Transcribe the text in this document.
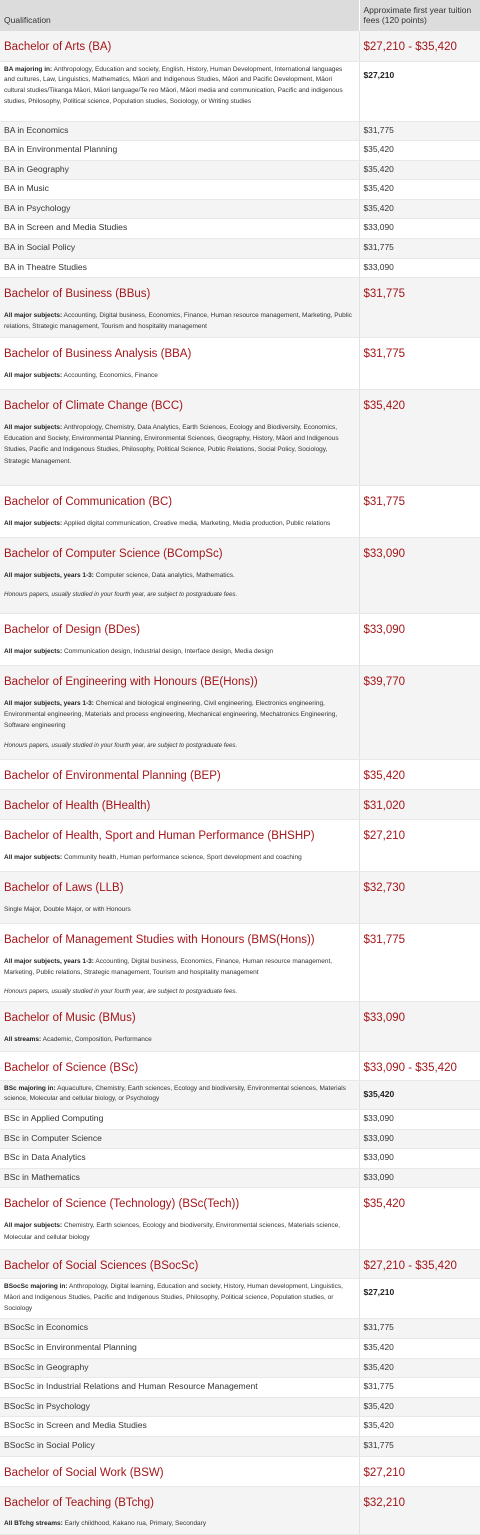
Qualification	Approximate first year tuition fees (120 points)

Bachelor of Arts (BA)	$27,210 - $35,420

BA majoring in: Anthropology, Education and society, English, History, Human Development, International languages and cultures, Law, Linguistics, Mathematics, Māori and Indigenous Studies, Māori and Pacific Development, Māori cultural studies/Tikanga Māori, Māori language/Te reo Māori, Māori media and communication, Pacific and indigenous studies, Philosophy, Political science, Population studies, Sociology, or Writing studies	$27,210
BA in Economics	$31,775
BA in Environmental Planning	$35,420
BA in Geography	$35,420
BA in Music	$35,420
BA in Psychology	$35,420
BA in Screen and Media Studies	$33,090
BA in Social Policy	$31,775
BA in Theatre Studies	$33,090

Bachelor of Business (BBus)
All major subjects: Accounting, Digital business, Economics, Finance, Human resource management, Marketing, Public relations, Strategic management, Tourism and hospitality management	$31,775

Bachelor of Business Analysis (BBA)
All major subjects: Accounting, Economics, Finance	$31,775

Bachelor of Climate Change (BCC)
All major subjects: Anthropology, Chemistry, Data Analytics, Earth Sciences, Ecology and Biodiversity, Economics, Education and Society, Environmental Planning, Environmental Sciences, Geography, History, Māori and Indigenous Studies, Pacific and Indigenous Studies, Philosophy, Political Science, Public Relations, Social Policy, Sociology, Strategic Management.	$35,420

Bachelor of Communication (BC)
All major subjects: Applied digital communication, Creative media, Marketing, Media production, Public relations	$31,775

Bachelor of Computer Science (BCompSc)
All major subjects, years 1-3: Computer science, Data analytics, Mathematics.
Honours papers, usually studied in your fourth year, are subject to postgraduate fees.	$33,090

Bachelor of Design (BDes)
All major subjects: Communication design, Industrial design, Interface design, Media design	$33,090

Bachelor of Engineering with Honours (BE(Hons))
All major subjects, years 1-3: Chemical and biological engineering, Civil engineering, Electronics engineering, Environmental engineering, Materials and process engineering, Mechanical engineering, Mechatronics Engineering, Software engineering
Honours papers, usually studied in your fourth year, are subject to postgraduate fees.	$39,770

Bachelor of Environmental Planning (BEP)	$35,420

Bachelor of Health (BHealth)	$31,020

Bachelor of Health, Sport and Human Performance (BHSHP)
All major subjects: Community health, Human performance science, Sport development and coaching	$27,210

Bachelor of Laws (LLB)
Single Major, Double Major, or with Honours	$32,730

Bachelor of Management Studies with Honours (BMS(Hons))
All major subjects, years 1-3: Accounting, Digital business, Economics, Finance, Human resource management, Marketing, Public relations, Strategic management, Tourism and hospitality management
Honours papers, usually studied in your fourth year, are subject to postgraduate fees.	$31,775

Bachelor of Music (BMus)
All streams: Academic, Composition, Performance	$33,090

Bachelor of Science (BSc)	$33,090 - $35,420

BSc majoring in: Aquaculture, Chemistry, Earth sciences, Ecology and biodiversity, Environmental sciences, Materials science, Molecular and cellular biology, or Psychology	$35,420
BSc in Applied Computing	$33,090
BSc in Computer Science	$33,090
BSc in Data Analytics	$33,090
BSc in Mathematics	$33,090

Bachelor of Science (Technology) (BSc(Tech))
All major subjects: Chemistry, Earth sciences, Ecology and biodiversity, Environmental sciences, Materials science, Molecular and cellular biology	$35,420

Bachelor of Social Sciences (BSocSc)	$27,210 - $35,420

BSocSc majoring in: Anthropology, Digital learning, Education and society, History, Human development, Linguistics, Māori and Indigenous Studies, Pacific and Indigenous Studies, Philosophy, Political science, Population studies, or Sociology	$27,210
BSocSc in Economics	$31,775
BSocSc in Environmental Planning	$35,420
BSocSc in Geography	$35,420
BSocSc in Industrial Relations and Human Resource Management	$31,775
BSocSc in Psychology	$35,420
BSocSc in Screen and Media Studies	$35,420
BSocSc in Social Policy	$31,775

Bachelor of Social Work (BSW)	$27,210

Bachelor of Teaching (BTchg)
All BTchg streams: Early childhood, Kakano rua, Primary, Secondary	$32,210
